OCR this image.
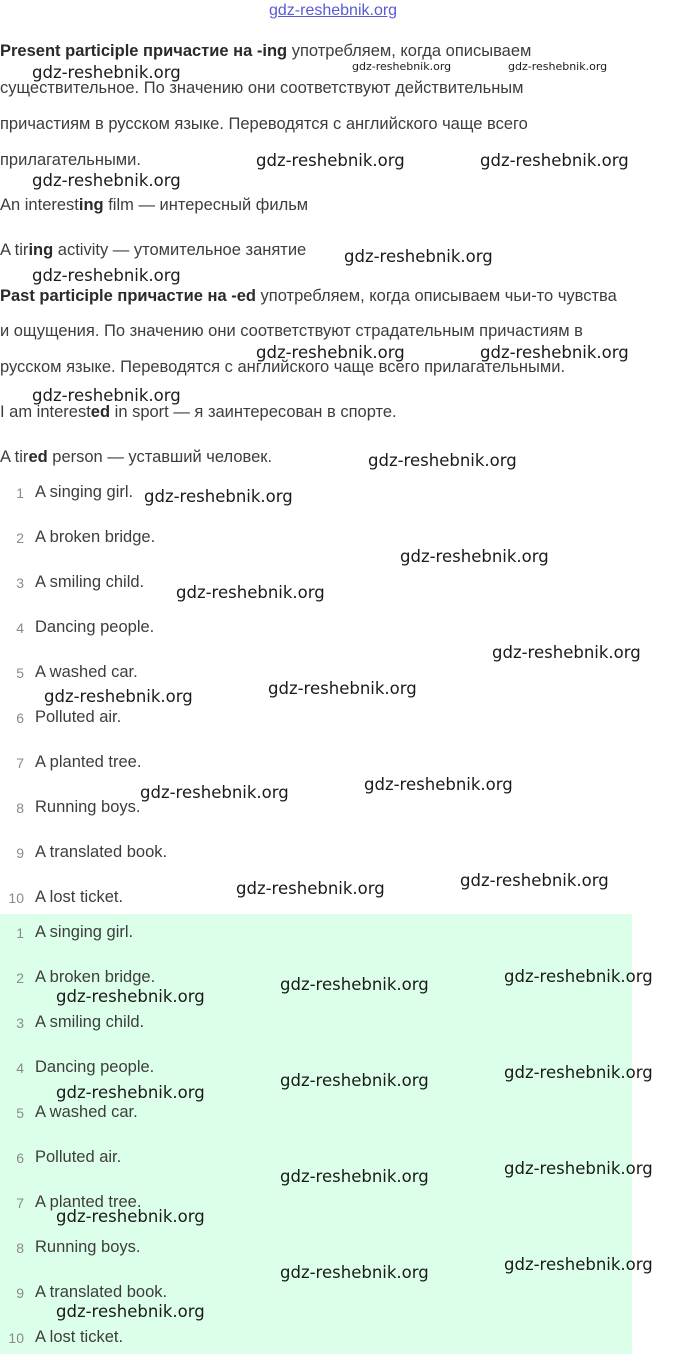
gdz-reshebnik.org
Present participle причастие на -ing употребляем, когда описываем
существительное. По значению они соответствуют действительным
причастиям в русском языке. Переводятся с английского чаще всего
прилагательными.
An interesting film — интересный фильм
A tiring activity — утомительное занятие
Past participle причастие на -ed употребляем, когда описываем чьи-то чувства
и ощущения. По значению они соответствуют страдательным причастиям в
русском языке. Переводятся с английского чаще всего прилагательными.
I am interested in sport — я заинтересован в спорте.
A tired person — уставший человек.
1 A singing girl.
2 A broken bridge.
3 A smiling child.
4 Dancing people.
5 A washed car.
6 Polluted air.
7 A planted tree.
8 Running boys.
9 A translated book.
10 A lost ticket.
1 A singing girl.
2 A broken bridge.
3 A smiling child.
4 Dancing people.
5 A washed car.
6 Polluted air.
7 A planted tree.
8 Running boys.
9 A translated book.
10 A lost ticket.
gdz-reshebnik.org	gdz-reshebnik.org	gdz-reshebnik.org
gdz-reshebnik.org	gdz-reshebnik.org
gdz-reshebnik.org
gdz-reshebnik.org
gdz-reshebnik.org
gdz-reshebnik.org	gdz-reshebnik.org
gdz-reshebnik.org
gdz-reshebnik.org
gdz-reshebnik.org
gdz-reshebnik.org
gdz-reshebnik.org
gdz-reshebnik.org
gdz-reshebnik.org
gdz-reshebnik.org
gdz-reshebnik.org
gdz-reshebnik.org
gdz-reshebnik.org
gdz-reshebnik.org
gdz-reshebnik.org
gdz-reshebnik.org
gdz-reshebnik.org
gdz-reshebnik.org
gdz-reshebnik.org
gdz-reshebnik.org
gdz-reshebnik.org
gdz-reshebnik.org
gdz-reshebnik.org
gdz-reshebnik.org
gdz-reshebnik.org
gdz-reshebnik.org
